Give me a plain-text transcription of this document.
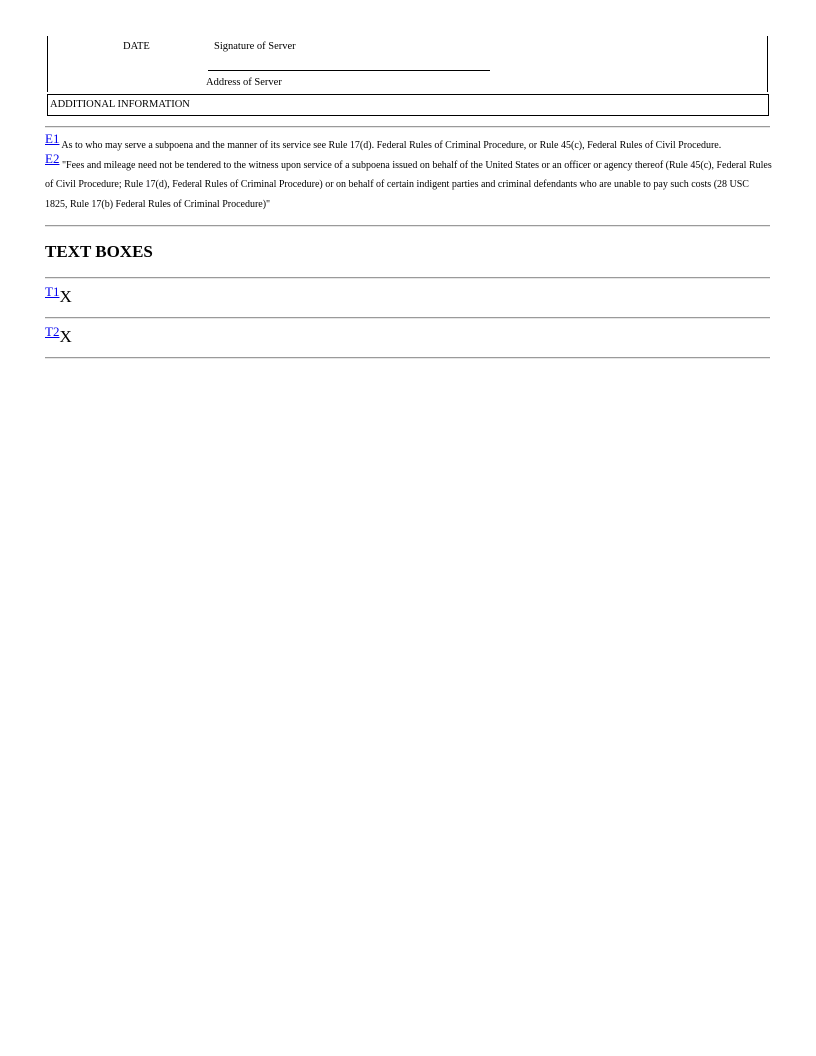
DATE	Signature of Server
Address of Server
ADDITIONAL INFORMATION

E1 As to who may serve a subpoena and the manner of its service see Rule 17(d). Federal Rules of Criminal Procedure, or Rule 45(c), Federal Rules of Civil Procedure.

E2 "Fees and mileage need not be tendered to the witness upon service of a subpoena issued on behalf of the United States or an officer or agency thereof (Rule 45(c), Federal Rules of Civil Procedure; Rule 17(d), Federal Rules of Criminal Procedure) or on behalf of certain indigent parties and criminal defendants who are unable to pay such costs (28 USC 1825, Rule 17(b) Federal Rules of Criminal Procedure)"

TEXT BOXES
$^{T1}$X
$^{T2}$X
